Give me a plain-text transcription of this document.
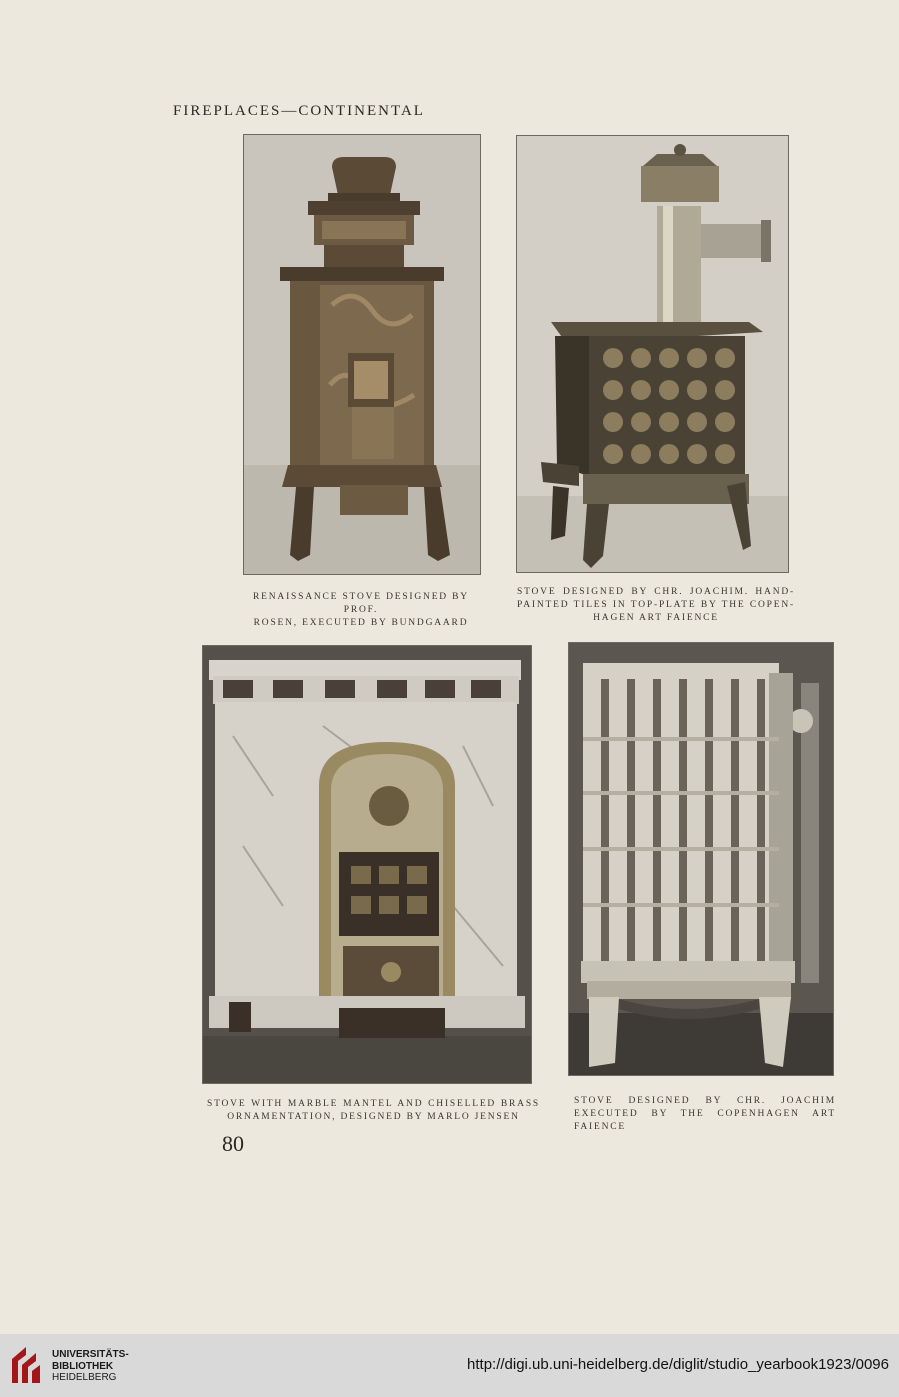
FIREPLACES—CONTINENTAL
RENAISSANCE STOVE DESIGNED BY PROF.
ROSEN, EXECUTED BY BUNDGAARD
STOVE DESIGNED BY CHR. JOACHIM. HAND-
PAINTED TILES IN TOP-PLATE BY THE COPEN-
HAGEN ART FAIENCE
STOVE WITH MARBLE MANTEL AND CHISELLED BRASS
ORNAMENTATION, DESIGNED BY MARLO JENSEN
STOVE DESIGNED BY CHR. JOACHIM
EXECUTED BY THE COPENHAGEN ART FAIENCE
80
UNIVERSITÄTS-
BIBLIOTHEK
HEIDELBERG
http://digi.ub.uni-heidelberg.de/diglit/studio_yearbook1923/0096
